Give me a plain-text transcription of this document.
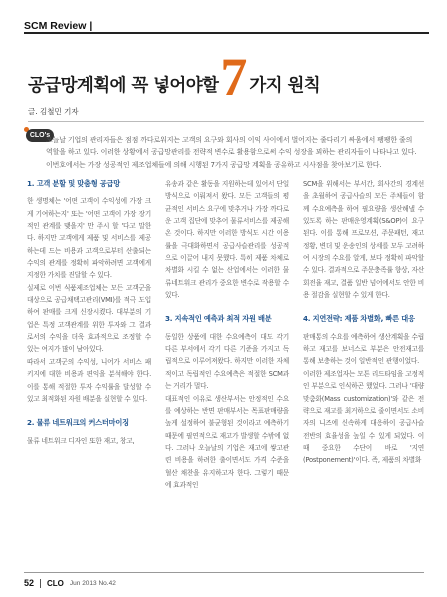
SCM Review |
공급망계획에 꼭 넣어야할 7 가지 원칙
글. 김철민 기자
CLO's Tip
오늘날 기업의 관리자들은 점점 까다로워지는 고객의 요구와 회사의 이익 사이에서 벌어지는 줄다리기 싸움에서 팽팽한 줄의 역할을 하고 있다. 이러한 상황에서 공급망관리를 전략적 변수로 활용함으로써 수익 성장을 꾀하는 관리자들이 나타나고 있다. 이번호에서는 가장 성공적인 제조업체들에 의해 시행된 7가지 공급망 계획을 공유하고 시사점을 찾아보기로 한다.
1. 고객 분할 및 맞춤형 공급망

한 생명체는 '어떤 고객이 수익성에 가장 크게 기여하는지' 또는 '어떤 고객이 가장 장기적인 관계를 맺을지' 만 주시 할 '다고 말한다. 하지만 고객에게 제품 및 서비스를 제공하는데 드는 비용과 고객으로부터 산출되는 수익의 관계를 정확히 파악하려면 고객에게 지정한 가치를 진달할 수 있다.

실제로 이번 식품제조업체는 모든 고객군을 대상으로 공급채택고관리(VMI)를 적극 도입하여 판매를 크게 신장시켰다. 대부분의 기업은 특정 고객관계를 위한 투자와 그 결과로서의 수익을 더욱 효과적으로 조정할 수 있는 여지가 많이 남아있다.

따라서 고객군의 수익성, 니어가 서비스 패키지에 대한 비용과 편익을 분석해야 한다. 이를 통해 적절한 투자 수익률을 달성할 수 있고 최적화된 자원 배분을 실현할 수 있다.

2. 물류 네트워크의 커스터마이징

물류 네트워크 디자인 또한 재고, 창고,

유송과 같은 활동을 지원하는데 있어서 단일 방식으로 이뤄져서 왔다. 모든 고객들의 평균적인 서비스 요구에 맞추거나 가장 까다로운 고객 집단에 맞추어 물류서비스를 제공해 온 것이다. 하지만 이러한 방식도 시간 이용률을 극대화하면서 공급사슬관리를 성공적으로 이끌어 내지 못했다. 특히 제품 차체로 차별화 시킬 수 없는 산업에서는 이러한 물류네트워크 관리가 중요한 변수로 작용할 수 있다.

3. 지속적인 예측과 최적 자원 배분

동일한 상품에 대한 수요예측이 대도 각기 다른 부서에서 각기 다른 기준을 가지고 독립적으로 이루어져왔다. 하지만 이러한 자체적이고 독립적인 수요예측은 적절한 SCM과는 거리가 멀다.

대표적인 이유로 생산부서는 안정적인 수요를 예상하는 반면 판매부서는 목표판매량을 높게 설정하여 불균형된 것이라고 예측하기 때문에 필연적으로 재고가 발생할 수밖에 없다. 그러나 오늘날의 기업은 재고에 쌓고관련 비용을 하려한 출이면서도 가격 수준을 혈산 채찬을 유지하고자 한다. 그렇기 때문에 효과적인

SCM을 위해서는 부서간, 회사간의 경계선을 초월하여 공급사슬의 모든 주체들이 함께 수요예측을 하여 필요량을 생산해낼 수 있도록 하는 판매운영계획(S&OP)이 요구된다. 이를 통해 프로모션, 주문패턴, 재고 정황, 변더 및 운송인의 상세를 모두 고려하여 시장의 수요를 알게, 보다 정확히 파악할 수 있다. 결과적으로 주문충족률 향상, 자산회전율 재고, 결품 일반 넘어에서도 안한 비용 절감을 실현할 수 있게 한다.

4. 지연전략: 제품 차별화, 빠른 대응

판매통의 수요를 예측하여 생산계획을 수립하고 재고를 보너스로 부분은 안전재고를 통해 보충하는 것이 일반적인 관행이었다.

이러한 제조업자는 모튼 리드타임을 고정적인 부분으로 인식하곤 했었다. 그러나 '대량 맞춤화(Mass customization)'와 같은 전략으로 재고를 최거하으로 줄이면서도 소비자의 니즈에 신속하게 대응하이 공급사슬 전반의 효율성을 높일 수 있게 되었다. 이 때 중요한 수단이 바로 '지연(Postponement)'이다. 즉, 제품의 차별화

52 CLO Jun 2013 No.42
